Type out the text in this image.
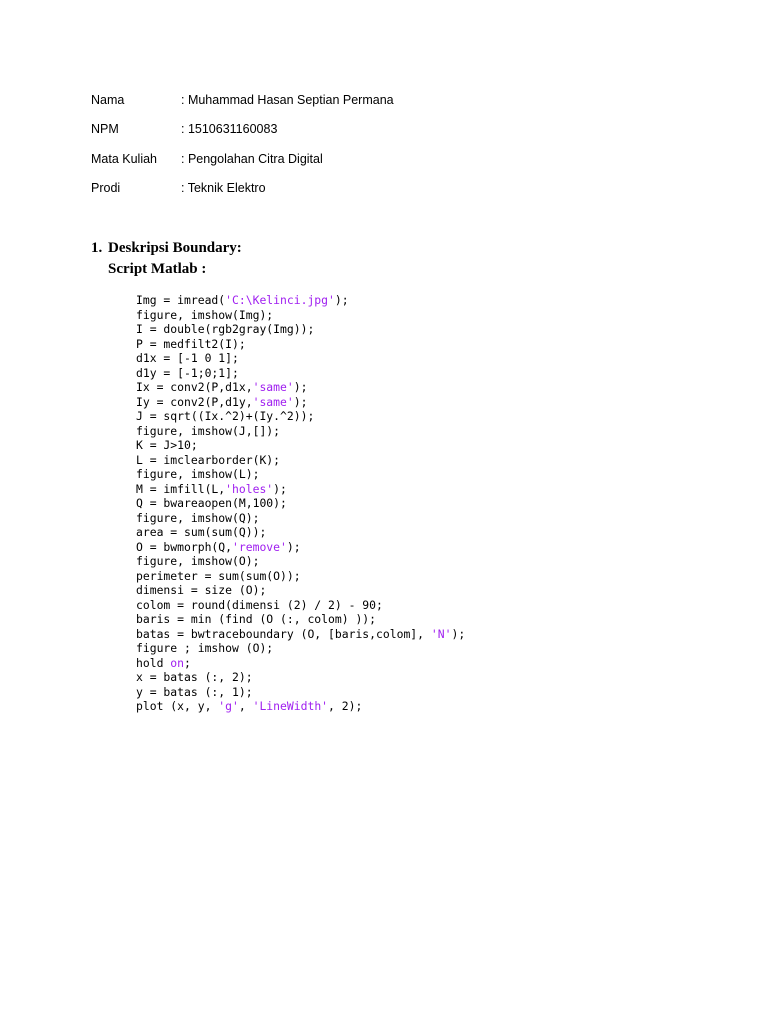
Nama	: Muhammad Hasan Septian Permana
NPM	: 1510631160083
Mata Kuliah : Pengolahan Citra Digital
Prodi	: Teknik Elektro
1. Deskripsi Boundary:
Script Matlab :
Img = imread('C:\Kelinci.jpg');
figure, imshow(Img);
I = double(rgb2gray(Img));
P = medfilt2(I);
d1x = [-1 0 1];
d1y = [-1;0;1];
Ix = conv2(P,d1x,'same');
Iy = conv2(P,d1y,'same');
J = sqrt((Ix.^2)+(Iy.^2));
figure, imshow(J,[]);
K = J>10;
L = imclearborder(K);
figure, imshow(L);
M = imfill(L,'holes');
Q = bwareaopen(M,100);
figure, imshow(Q);
area = sum(sum(Q));
O = bwmorph(Q,'remove');
figure, imshow(O);
perimeter = sum(sum(O));
dimensi = size (O);
colom = round(dimensi (2) / 2) - 90;
baris = min (find (O (:, colom) ));
batas = bwtraceboundary (O, [baris,colom], 'N');
figure ; imshow (O);
hold on;
x = batas (:, 2);
y = batas (:, 1);
plot (x, y, 'g', 'LineWidth', 2);
